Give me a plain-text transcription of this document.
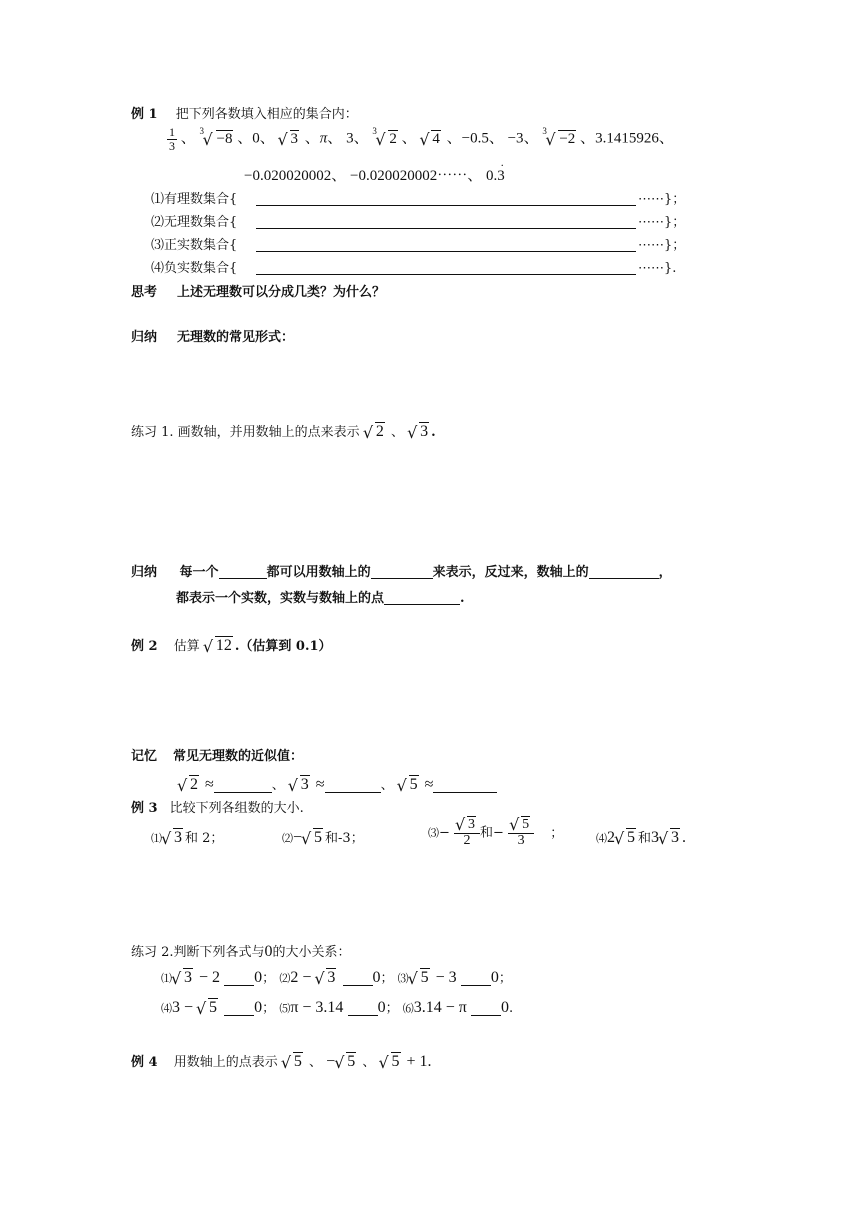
例 1 把下列各数填入相应的集合内：
$\frac{1}{3}$ 、 √ 3 −8 、0、 √ 3 、π、 3、 √ 3 2 、 √ 4 、−0.5、 −3、 √ 3 −2 、3.1415926、
−0.020020002、 −0.020020002⋯⋯、 0.3 ·
⑴有理数集合{	⋯⋯}；
⑵无理数集合{	⋯⋯}；
⑶正实数集合{	⋯⋯}；
⑷负实数集合{	⋯⋯}.
思考 上述无理数可以分成几类？为什么？
归纳 无理数的常见形式：
练习 1. 画数轴，并用数轴上的点来表示 √ 2 、 √ 3 .
归纳 每一个	都可以用数轴上的	来表示，反过来，数轴上的	，
都表示一个实数，实数与数轴上的点	.
例 2 估算 √ 12 .（估算到 0.1）
记忆 常见无理数的近似值：
√ 2 ≈	、 √ 3 ≈	、 √ 5 ≈
例 3 比较下列各组数的大小.
⑴ √ 3 和 2；	⑵− √ 5 和-3；	⑶− √ $\frac{3}{2}$ 和− √ $\frac{5}{3}$ ；	⑷2 √ 5 和3 √ 3 .
练习 2.判断下列各式与0的大小关系：
⑴ √ 3 − 2 0； ⑵2 − √ 3 0； ⑶ √ 5 − 3 0；
⑷3 − √ 5 0； ⑸π − 3.14 0； ⑹3.14 − π 0.
例 4 用数轴上的点表示 √ 5 、 − √ 5 、 √ 5 + 1.
